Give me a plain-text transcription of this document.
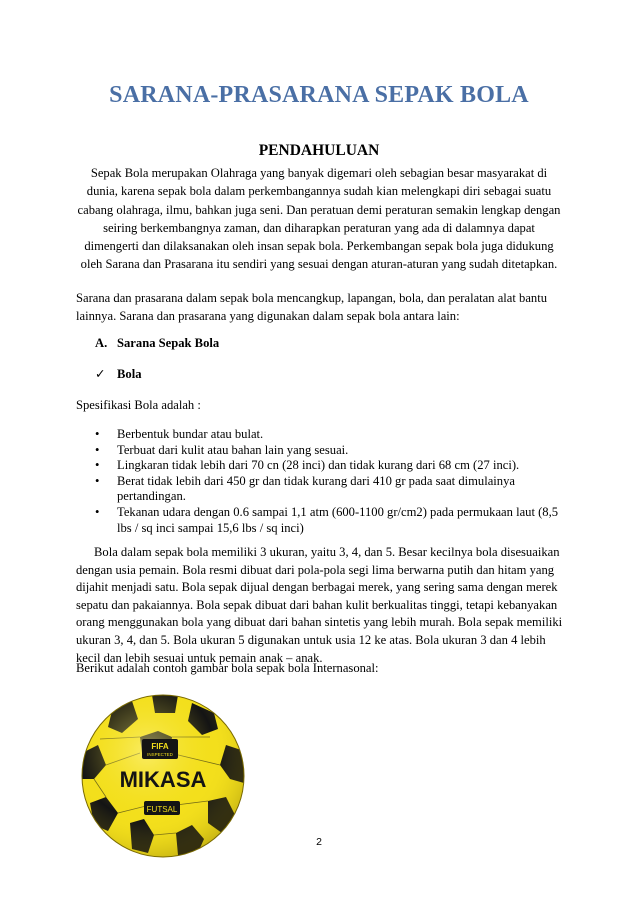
SARANA-PRASARANA SEPAK BOLA
PENDAHULUAN

Sepak Bola merupakan Olahraga yang banyak digemari oleh sebagian besar masyarakat di dunia, karena sepak bola dalam perkembangannya sudah kian melengkapi diri sebagai suatu cabang olahraga, ilmu, bahkan juga seni. Dan peratuan demi peraturan semakin lengkap dengan seiring berkembangnya zaman, dan diharapkan peraturan yang ada di dalamnya dapat dimengerti dan dilaksanakan oleh insan sepak bola. Perkembangan sepak bola juga didukung oleh Sarana dan Prasarana itu sendiri yang sesuai dengan aturan-aturan yang sudah ditetapkan.

Sarana dan prasarana dalam sepak bola mencangkup, lapangan, bola, dan peralatan alat bantu lainnya. Sarana dan prasarana yang digunakan dalam sepak bola antara lain:

A. Sarana Sepak Bola

✓ Bola

Spesifikasi Bola adalah :

• Berbentuk bundar atau bulat.
• Terbuat dari kulit atau bahan lain yang sesuai.
• Lingkaran tidak lebih dari 70 cn (28 inci) dan tidak kurang dari 68 cm (27 inci).
• Berat tidak lebih dari 450 gr dan tidak kurang dari 410 gr pada saat dimulainya pertandingan.
• Tekanan udara dengan 0.6 sampai 1,1 atm (600-1100 gr/cm2) pada permukaan laut (8,5 lbs / sq inci sampai 15,6 lbs / sq inci)

Bola dalam sepak bola memiliki 3 ukuran, yaitu 3, 4, dan 5. Besar kecilnya bola disesuaikan dengan usia pemain. Bola resmi dibuat dari pola-pola segi lima berwarna putih dan hitam yang dijahit menjadi satu. Bola sepak dijual dengan berbagai merek, yang sering sama dengan merek sepatu dan pakaiannya. Bola sepak dibuat dari bahan kulit berkualitas tinggi, tetapi kebanyakan orang menggunakan bola yang dibuat dari bahan sintetis yang lebih murah. Bola sepak memiliki ukuran 3, 4, dan 5. Bola ukuran 5 digunakan untuk usia 12 ke atas. Bola ukuran 3 dan 4 lebih kecil dan lebih sesuai untuk pemain anak – anak.

Berikut adalah contoh gambar bola sepak bola Internasonal:

FIFA
INSPECTED
MIKASA
FUTSAL

2
